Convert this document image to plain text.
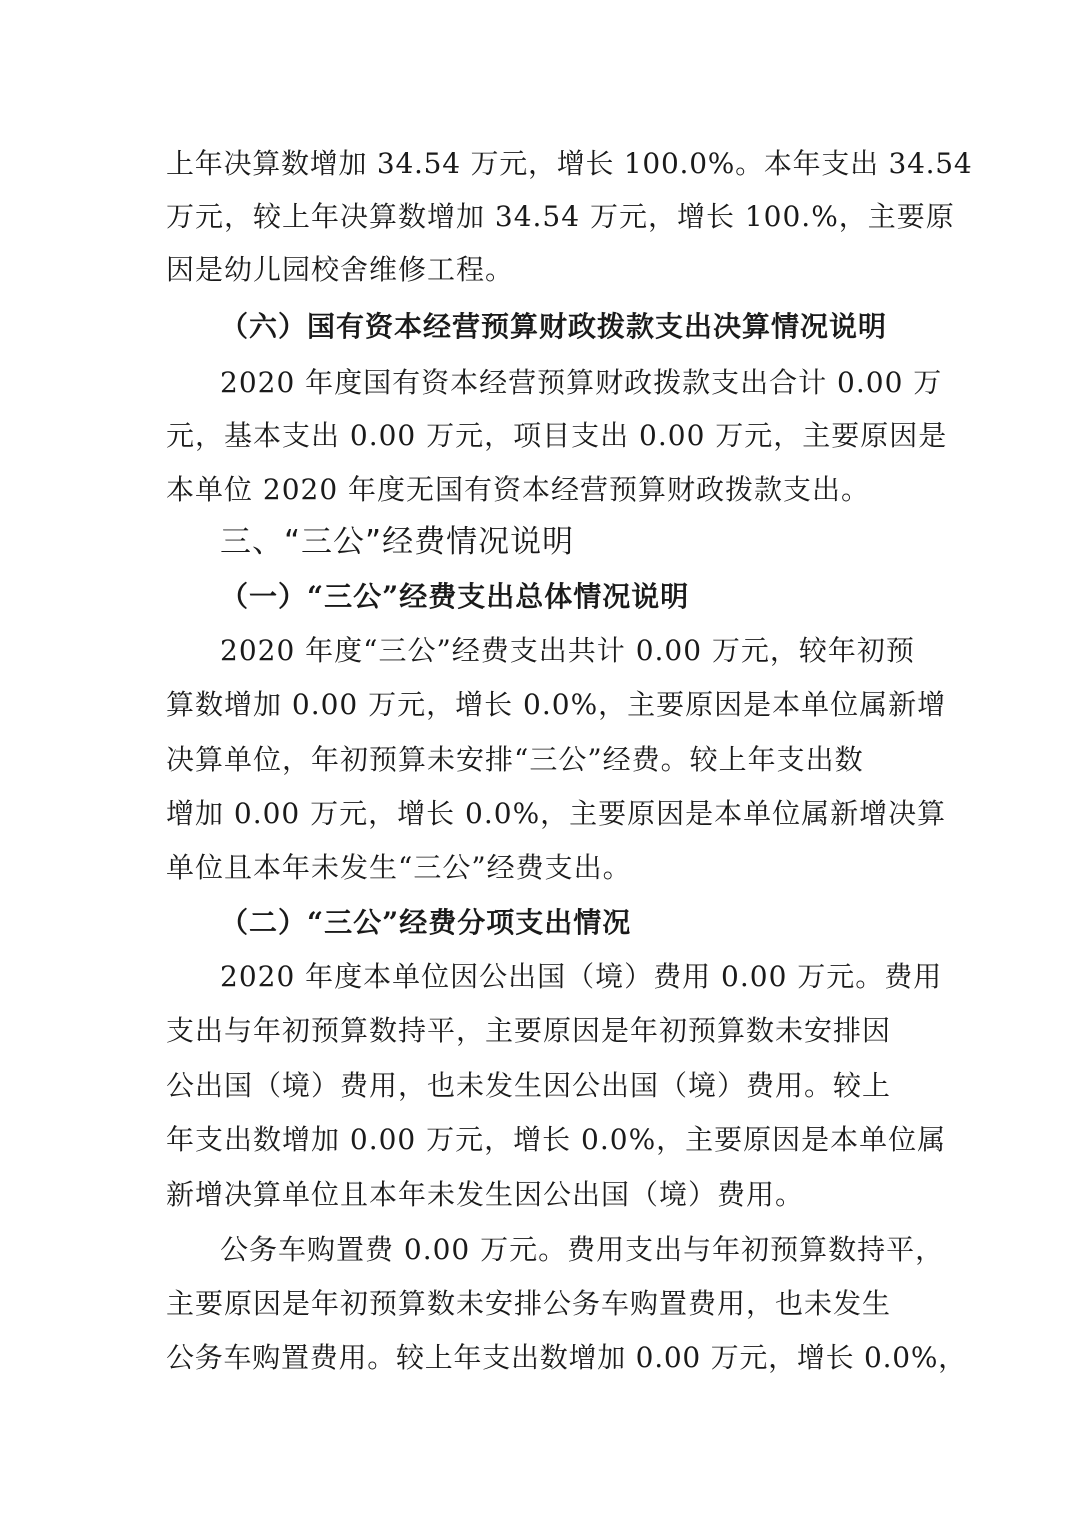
上年决算数增加 34.54 万元，增长 100.0%。本年支出 34.54
万元，较上年决算数增加 34.54 万元，增长 100.%，主要原
因是幼儿园校舍维修工程。
（六）国有资本经营预算财政拨款支出决算情况说明
2020 年度国有资本经营预算财政拨款支出合计 0.00 万
元，基本支出 0.00 万元，项目支出 0.00 万元，主要原因是
本单位 2020 年度无国有资本经营预算财政拨款支出。
三、“三公”经费情况说明
（一）“三公”经费支出总体情况说明
2020 年度“三公”经费支出共计 0.00 万元，较年初预
算数增加 0.00 万元，增长 0.0%，主要原因是本单位属新增
决算单位，年初预算未安排“三公”经费。较上年支出数
增加 0.00 万元，增长 0.0%，主要原因是本单位属新增决算
单位且本年未发生“三公”经费支出。
（二）“三公”经费分项支出情况
2020 年度本单位因公出国（境）费用 0.00 万元。费用
支出与年初预算数持平，主要原因是年初预算数未安排因
公出国（境）费用，也未发生因公出国（境）费用。较上
年支出数增加 0.00 万元，增长 0.0%，主要原因是本单位属
新增决算单位且本年未发生因公出国（境）费用。
公务车购置费 0.00 万元。费用支出与年初预算数持平，
主要原因是年初预算数未安排公务车购置费用，也未发生
公务车购置费用。较上年支出数增加 0.00 万元，增长 0.0%，
